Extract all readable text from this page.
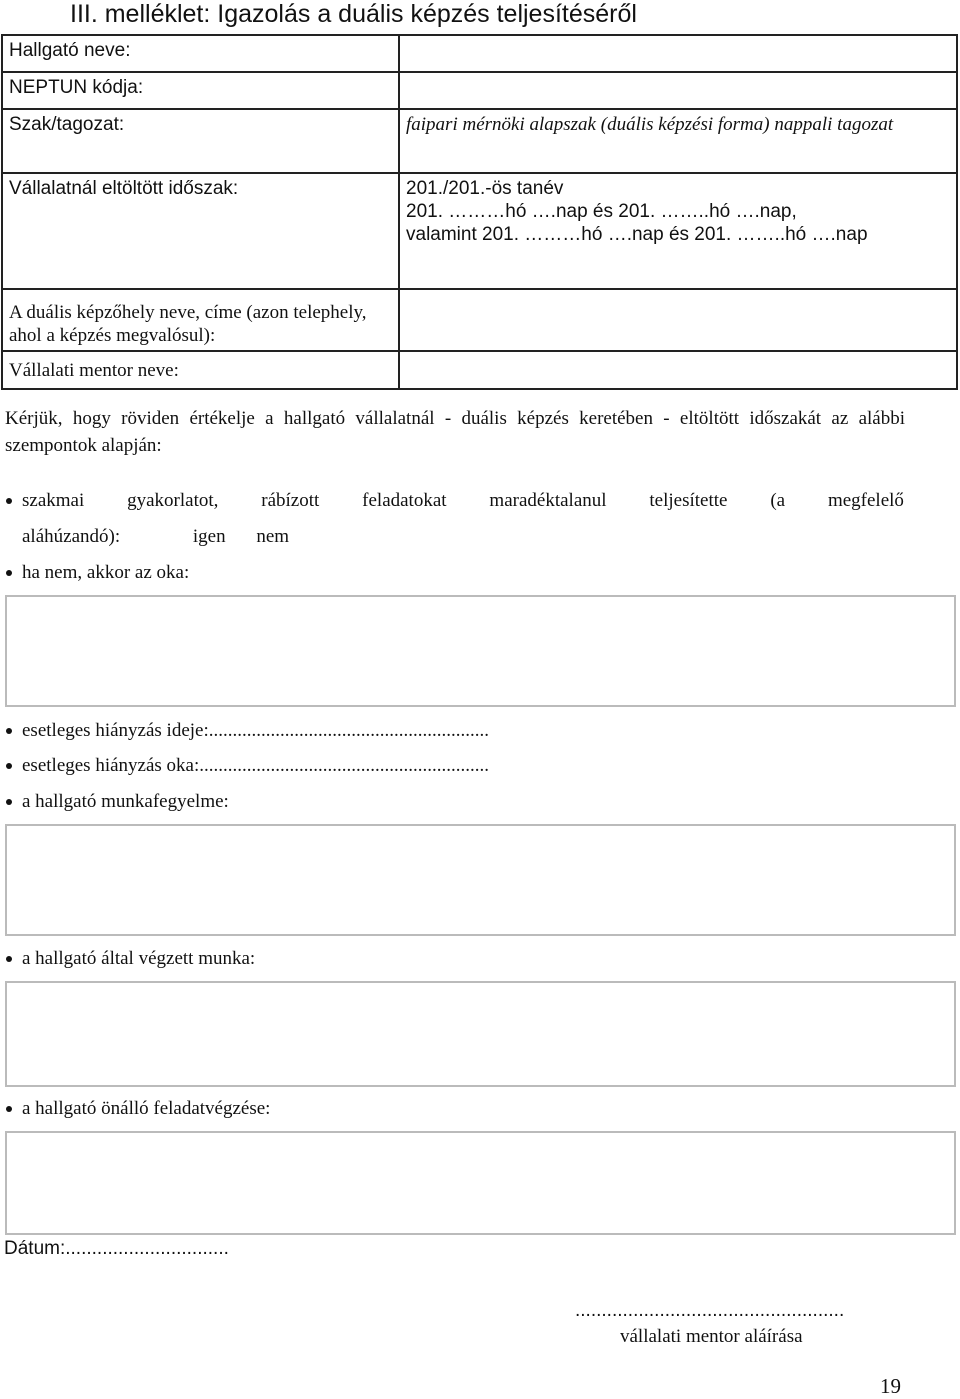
III. melléklet: Igazolás a duális képzés teljesítéséről
Hallgató neve:	
NEPTUN kódja:	
Szak/tagozat:	faipari mérnöki alapszak (duális képzési forma) nappali tagozat
Vállalatnál eltöltött időszak:	201./201.-ös tanév
201. ………hó ….nap és 201. ……..hó ….nap,
valamint 201. ………hó ….nap és 201. ……..hó ….nap

A duális képzőhely neve, címe (azon telephely, ahol a képzés megvalósul):	
Vállalati mentor neve:	
Kérjük, hogy röviden értékelje a hallgató vállalatnál - duális képzés keretében - eltöltött időszakát az alábbi szempontok alapján:
szakmai gyakorlatot, rábízott feladatokat maradéktalanul teljesítette (a megfelelő
aláhúzandó):	igen nem
ha nem, akkor az oka:
esetleges hiányzás ideje:...........................................................
esetleges hiányzás oka:.............................................................
a hallgató munkafegyelme:
a hallgató által végzett munka:
a hallgató önálló feladatvégzése:
Dátum:...............................
...................................................
vállalati mentor aláírása
19
